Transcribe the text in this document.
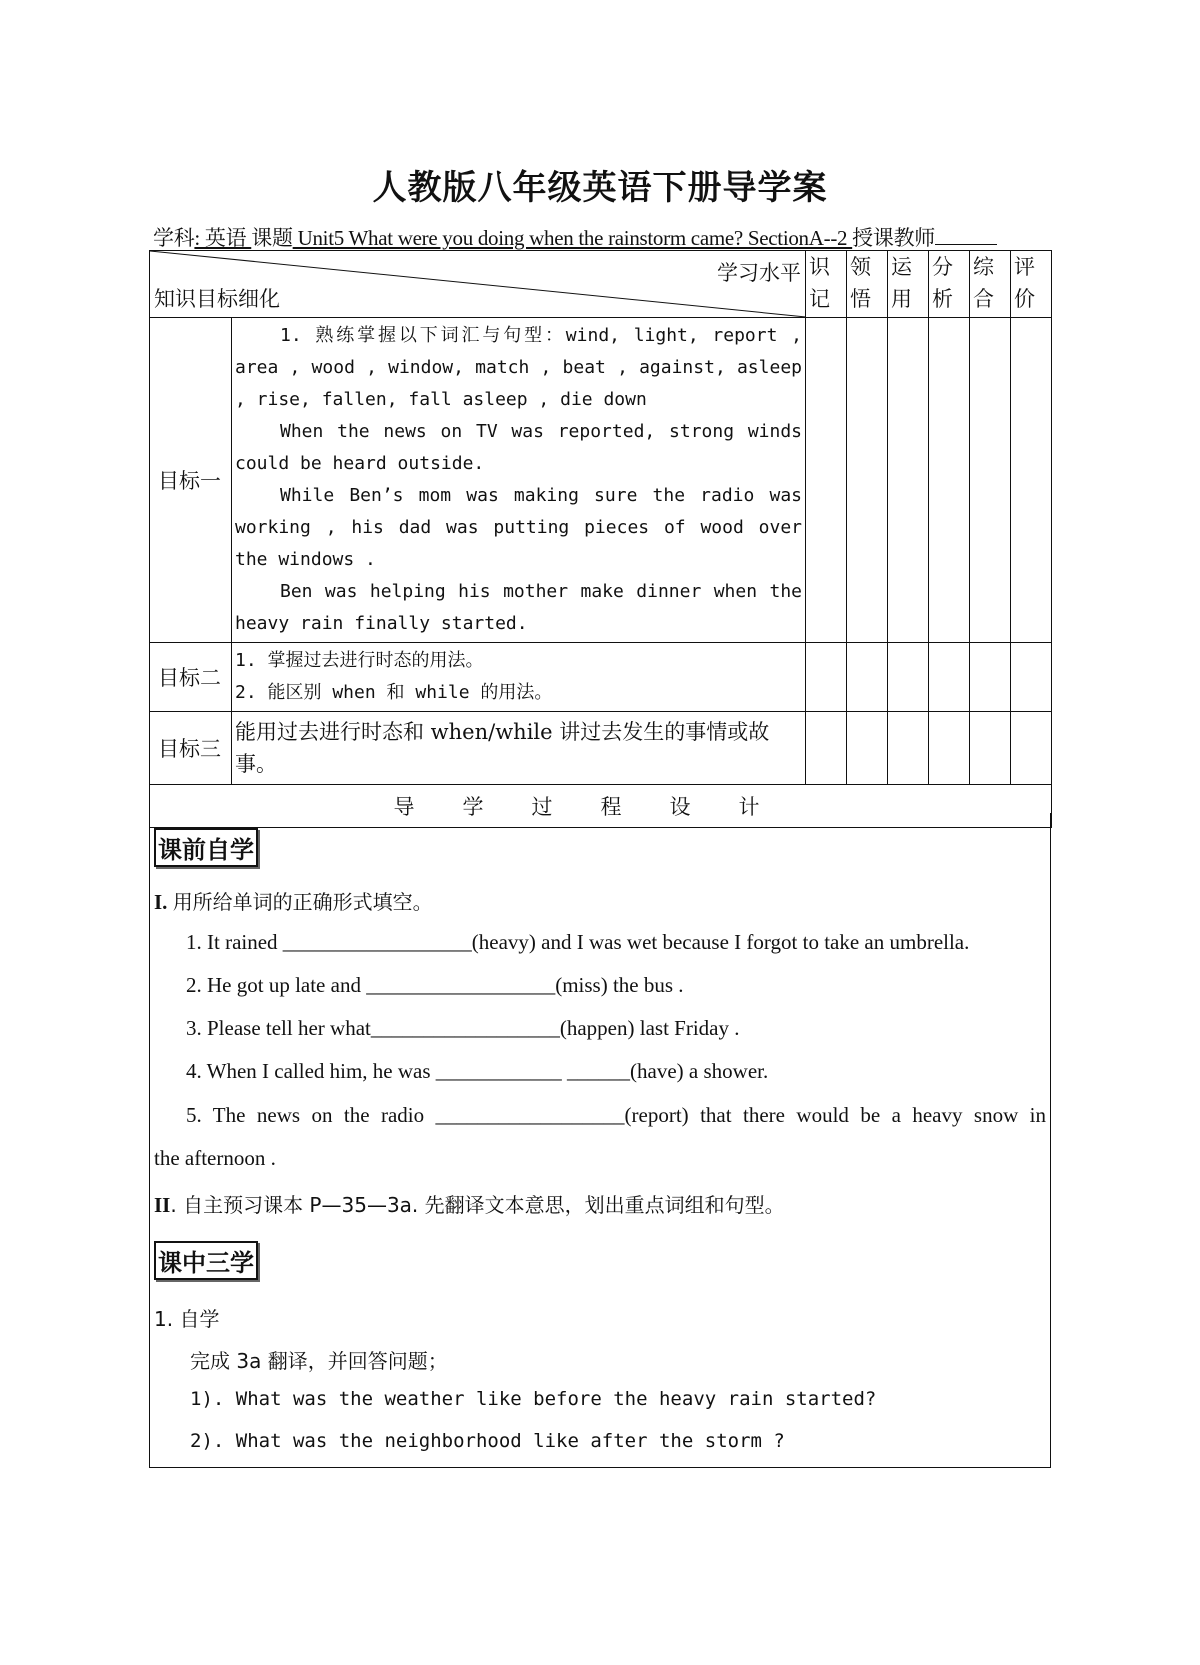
人教版八年级英语下册导学案
学科: 英语 课题 Unit5 What were you doing when the rainstorm came? SectionA--2 授课教师
学习水平
知识目标细化		识记	领悟	运用	分析	综合	评价
目标一	1. 熟练掌握以下词汇与句型：wind, light, report , area , wood , window, match , beat , against, asleep , rise, fallen, fall asleep , die down

When the news on TV was reported, strong winds could be heard outside.

While Ben’s mom was making sure the radio was working , his dad was putting pieces of wood over the windows .

Ben was helping his mother make dinner when the heavy rain finally started.						

目标二	1. 掌握过去进行时态的用法。

2. 能区别 when 和 while 的用法。						

目标三	能用过去进行时态和 when/while 讲过去发生的事情或故事。						
导学过程设计							
课前自学
I. 用所给单词的正确形式填空。
1. It rained __________________(heavy) and I was wet because I forgot to take an umbrella.
2. He got up late and __________________(miss) the bus .
3. Please tell her what__________________(happen) last Friday .
4. When I called him, he was ____________ ______(have) a shower.
5. The news on the radio __________________(report) that there would be a heavy snow in
the afternoon .
II. 自主预习课本 P—35—3a. 先翻译文本意思，划出重点词组和句型。
课中三学
1. 自学
完成 3a 翻译，并回答问题；
1). What was the weather like before the heavy rain started?
2). What was the neighborhood like after the storm ?
